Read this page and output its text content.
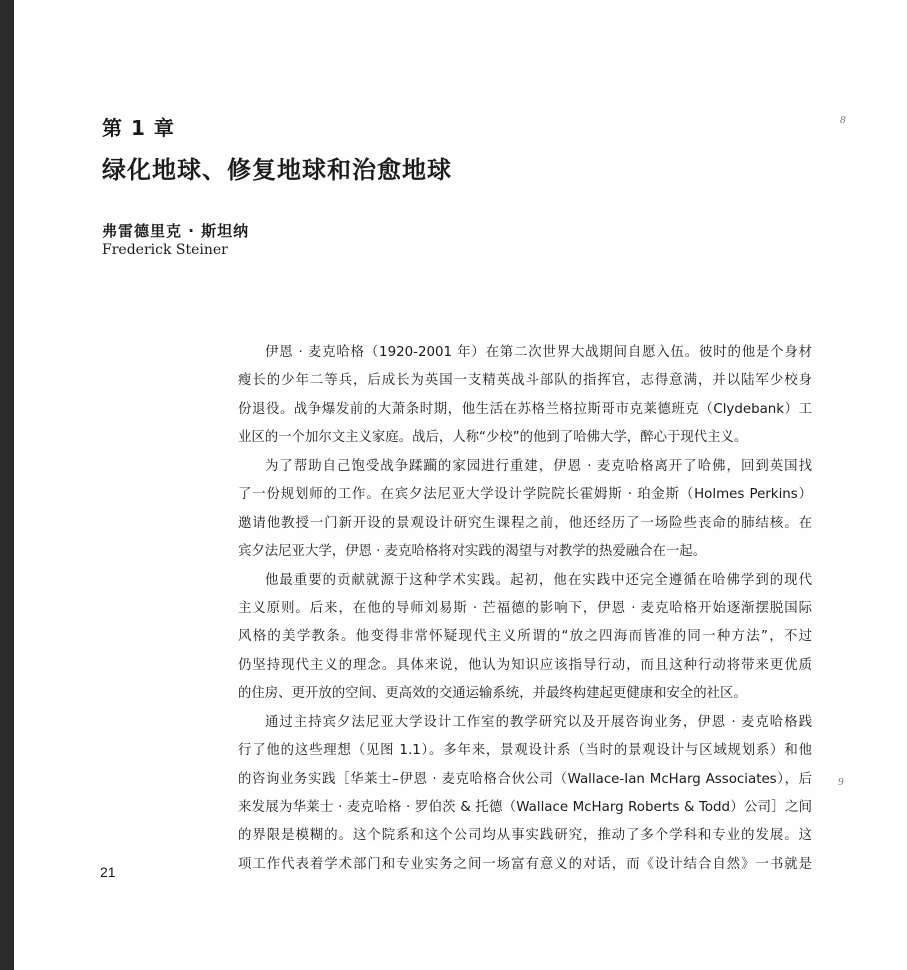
第 1 章
绿化地球、修复地球和治愈地球
弗雷德里克 · 斯坦纳
Frederick Steiner
8
9
21
伊恩 · 麦克哈格（1920-2001 年）在第二次世界大战期间自愿入伍。彼时的他是个身材
瘦长的少年二等兵，后成长为英国一支精英战斗部队的指挥官，志得意满，并以陆军少校身
份退役。战争爆发前的大萧条时期，他生活在苏格兰格拉斯哥市克莱德班克（Clydebank）工
业区的一个加尔文主义家庭。战后，人称“少校”的他到了哈佛大学，醉心于现代主义。
为了帮助自己饱受战争蹂躏的家园进行重建，伊恩 · 麦克哈格离开了哈佛，回到英国找
了一份规划师的工作。在宾夕法尼亚大学设计学院院长霍姆斯 · 珀金斯（Holmes Perkins）
邀请他教授一门新开设的景观设计研究生课程之前，他还经历了一场险些丧命的肺结核。在
宾夕法尼亚大学，伊恩 · 麦克哈格将对实践的渴望与对教学的热爱融合在一起。
他最重要的贡献就源于这种学术实践。起初，他在实践中还完全遵循在哈佛学到的现代
主义原则。后来，在他的导师刘易斯 · 芒福德的影响下，伊恩 · 麦克哈格开始逐渐摆脱国际
风格的美学教条。他变得非常怀疑现代主义所谓的“放之四海而皆准的同一种方法”，不过
仍坚持现代主义的理念。具体来说，他认为知识应该指导行动，而且这种行动将带来更优质
的住房、更开放的空间、更高效的交通运输系统，并最终构建起更健康和安全的社区。
通过主持宾夕法尼亚大学设计工作室的教学研究以及开展咨询业务，伊恩 · 麦克哈格践
行了他的这些理想（见图 1.1）。多年来，景观设计系（当时的景观设计与区域规划系）和他
的咨询业务实践［华莱士–伊恩 · 麦克哈格合伙公司（Wallace-Ian McHarg Associates），后
来发展为华莱士 · 麦克哈格 · 罗伯茨 & 托德（Wallace McHarg Roberts & Todd）公司］之间
的界限是模糊的。这个院系和这个公司均从事实践研究，推动了多个学科和专业的发展。这
项工作代表着学术部门和专业实务之间一场富有意义的对话，而《设计结合自然》一书就是
